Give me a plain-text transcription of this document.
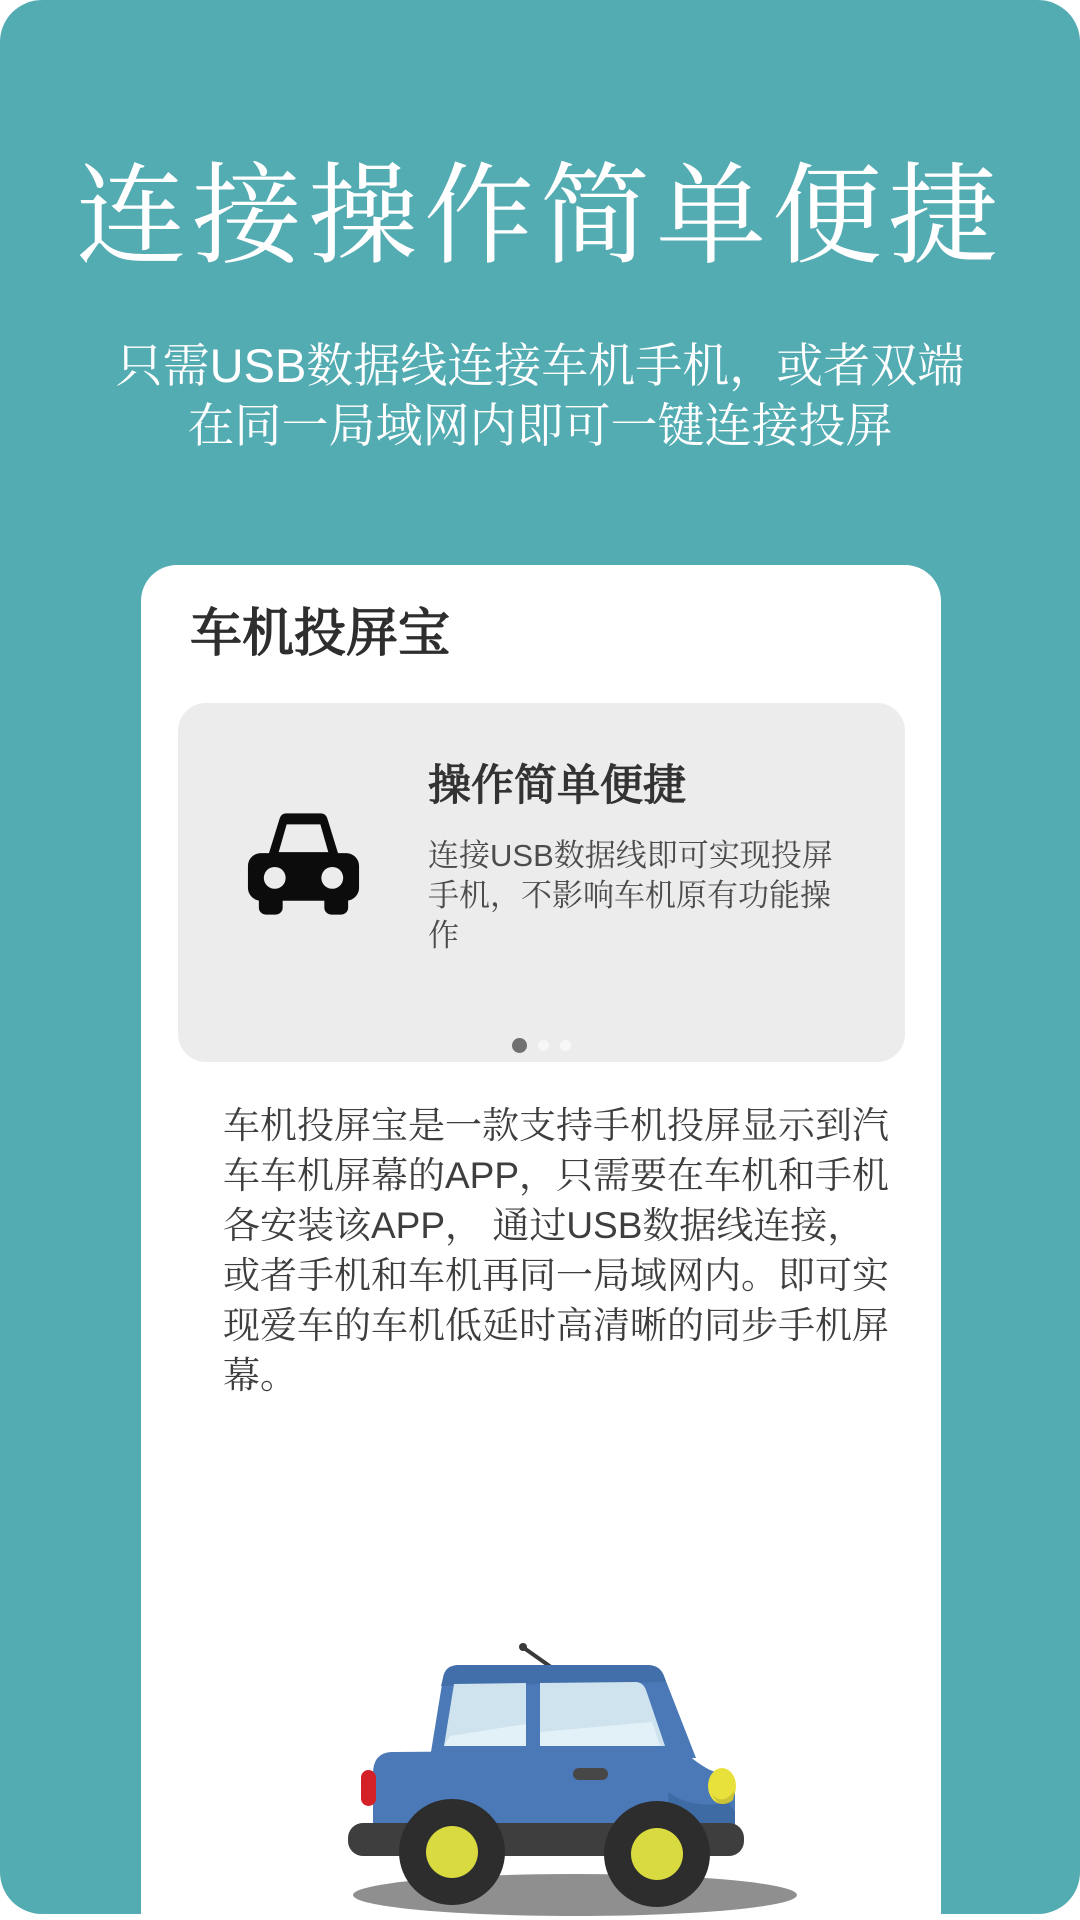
连接操作简单便捷
只需USB数据线连接车机手机，或者双端
在同一局域网内即可一键连接投屏
车机投屏宝
操作简单便捷
连接USB数据线即可实现投屏手机，不影响车机原有功能操作
车机投屏宝是一款支持手机投屏显示到汽车车机屏幕的APP，只需要在车机和手机各安装该APP， 通过USB数据线连接，或者手机和车机再同一局域网内。即可实现爱车的车机低延时高清晰的同步手机屏幕。
